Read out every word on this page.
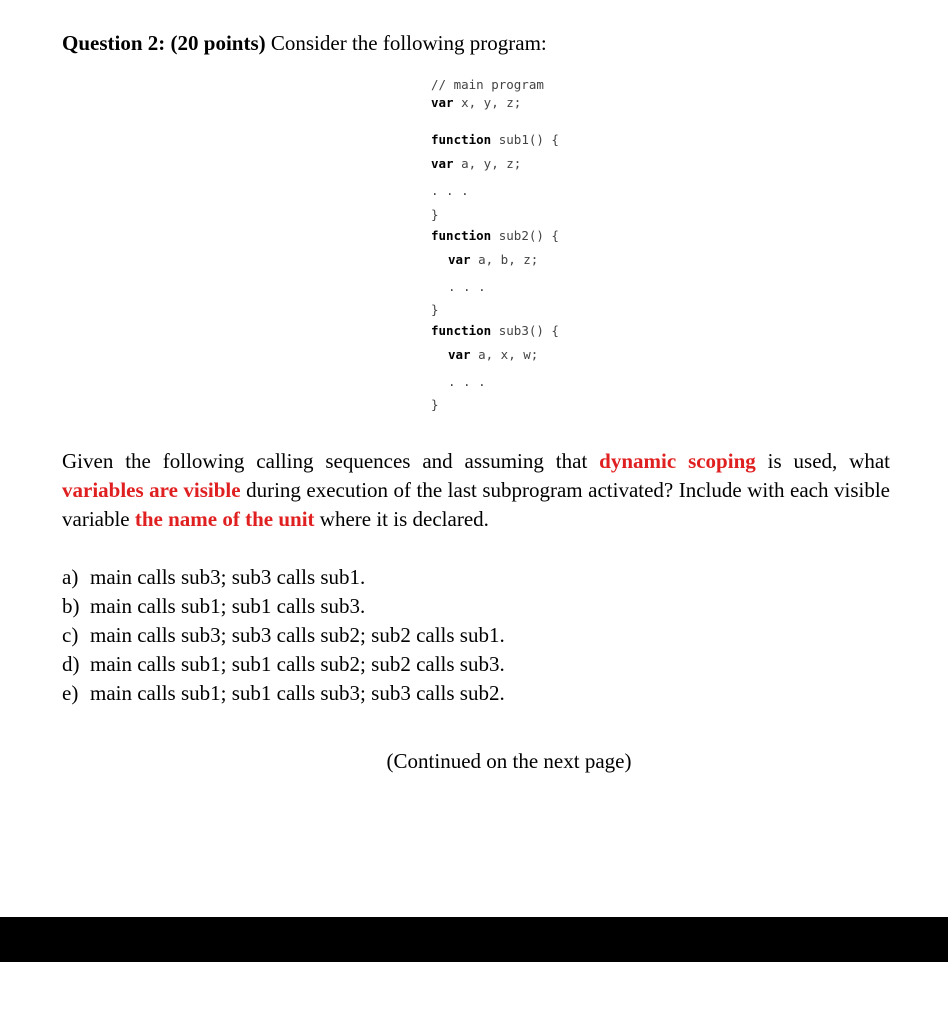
Question 2: (20 points) Consider the following program:

// main program

var x, y, z;

function sub1() {

var a, y, z;

. . .

}

function sub2() {

var a, b, z;

. . .

}

function sub3() {

var a, x, w;

. . .

}

Given the following calling sequences and assuming that dynamic scoping is used, what variables are visible during execution of the last subprogram activated? Include with each visible variable the name of the unit where it is declared.
a) main calls sub3; sub3 calls sub1.
b) main calls sub1; sub1 calls sub3.
c) main calls sub3; sub3 calls sub2; sub2 calls sub1.
d) main calls sub1; sub1 calls sub2; sub2 calls sub3.
e) main calls sub1; sub1 calls sub3; sub3 calls sub2.
(Continued on the next page)
